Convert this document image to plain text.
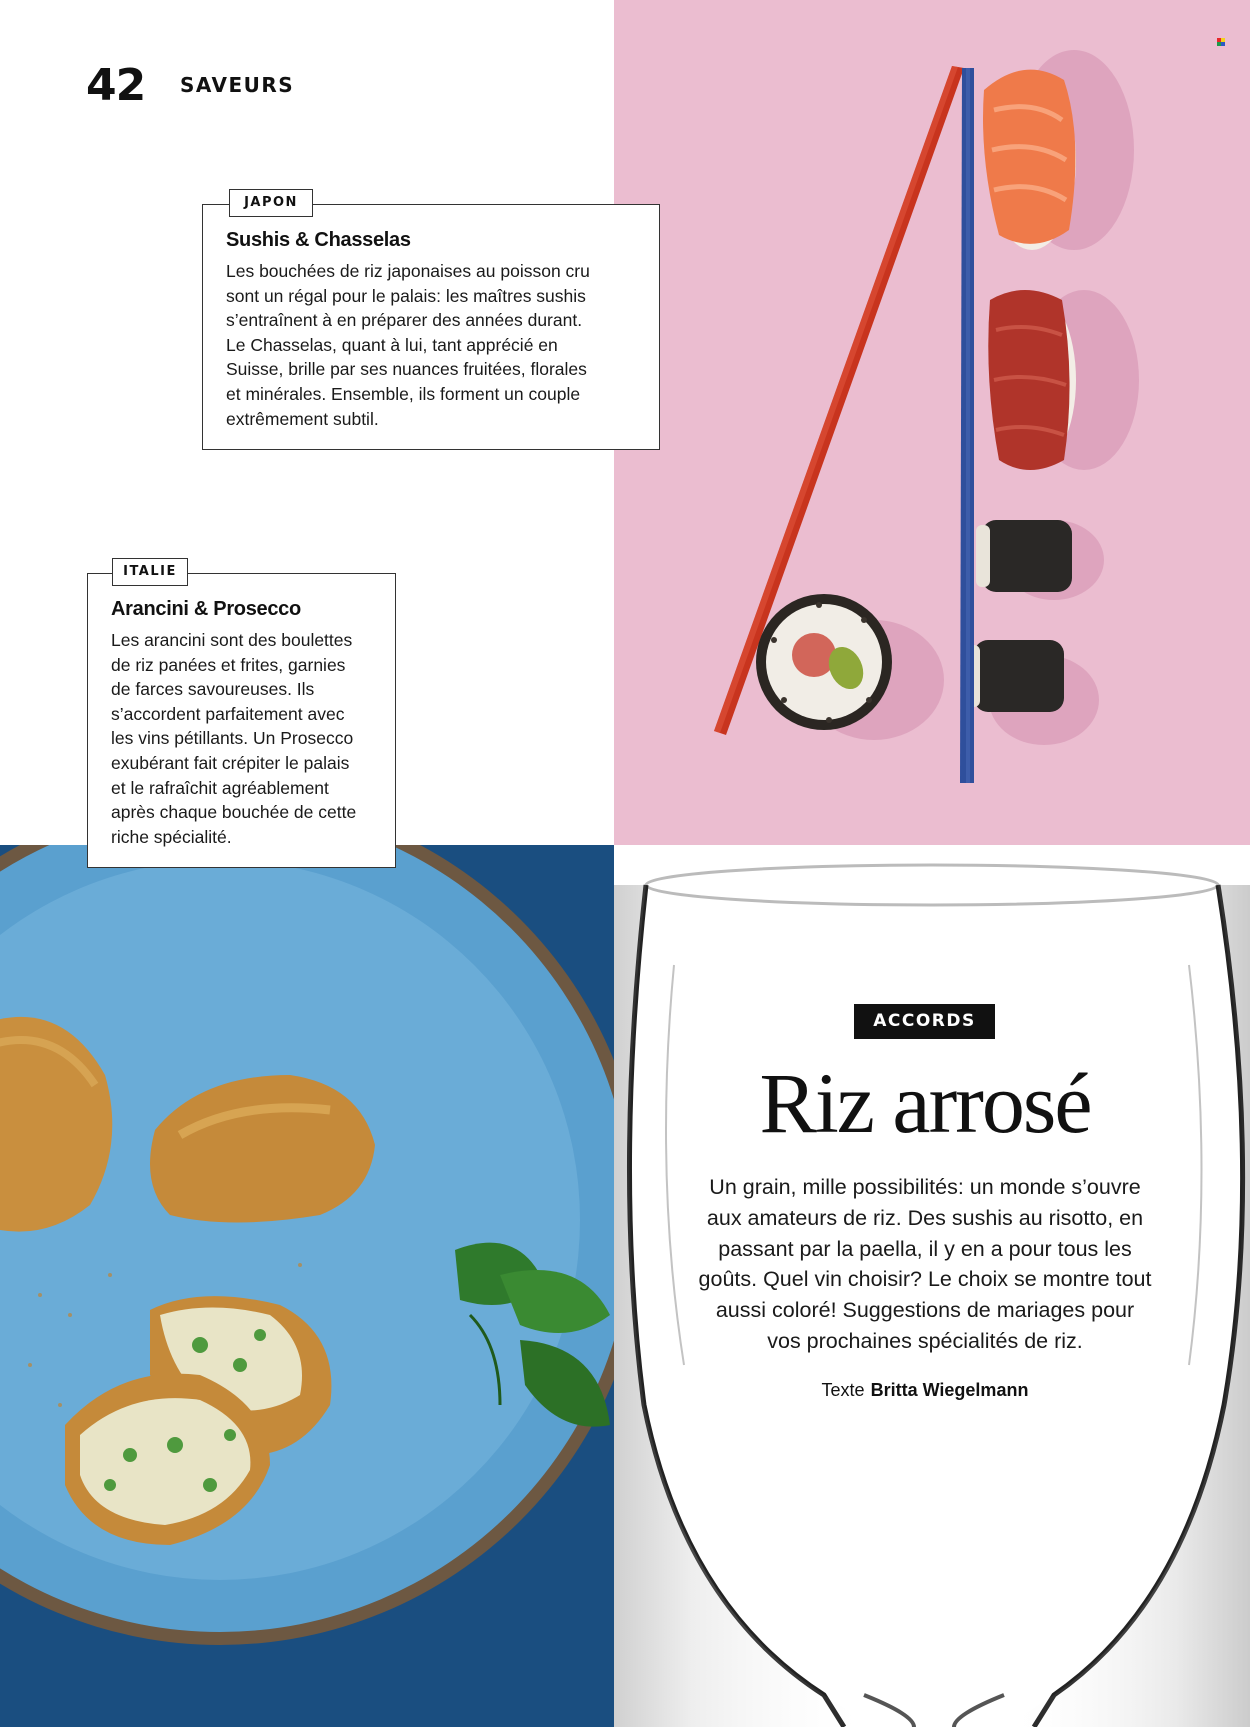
42 SAVEURS
JAPON
Sushis & Chasselas
Les bouchées de riz japonaises au poisson cru
sont un régal pour le palais: les maîtres sushis
s’entraînent à en préparer des années durant.
Le Chasselas, quant à lui, tant apprécié en
Suisse, brille par ses nuances fruitées, florales
et minérales. Ensemble, ils forment un couple
extrêmement subtil.
ITALIE
Arancini & Prosecco
Les arancini sont des boulettes
de riz panées et frites, garnies
de farces savoureuses. Ils
s’accordent parfaitement avec
les vins pétillants. Un Prosecco
exubérant fait crépiter le palais
et le rafraîchit agréablement
après chaque bouchée de cette
riche spécialité.
ACCORDS
Riz arrosé
Un grain, mille possibilités: un monde s’ouvre
aux amateurs de riz. Des sushis au risotto, en
passant par la paella, il y en a pour tous les
goûts. Quel vin choisir? Le choix se montre tout
aussi coloré! Suggestions de mariages pour
vos prochaines spécialités de riz.
Texte Britta Wiegelmann
